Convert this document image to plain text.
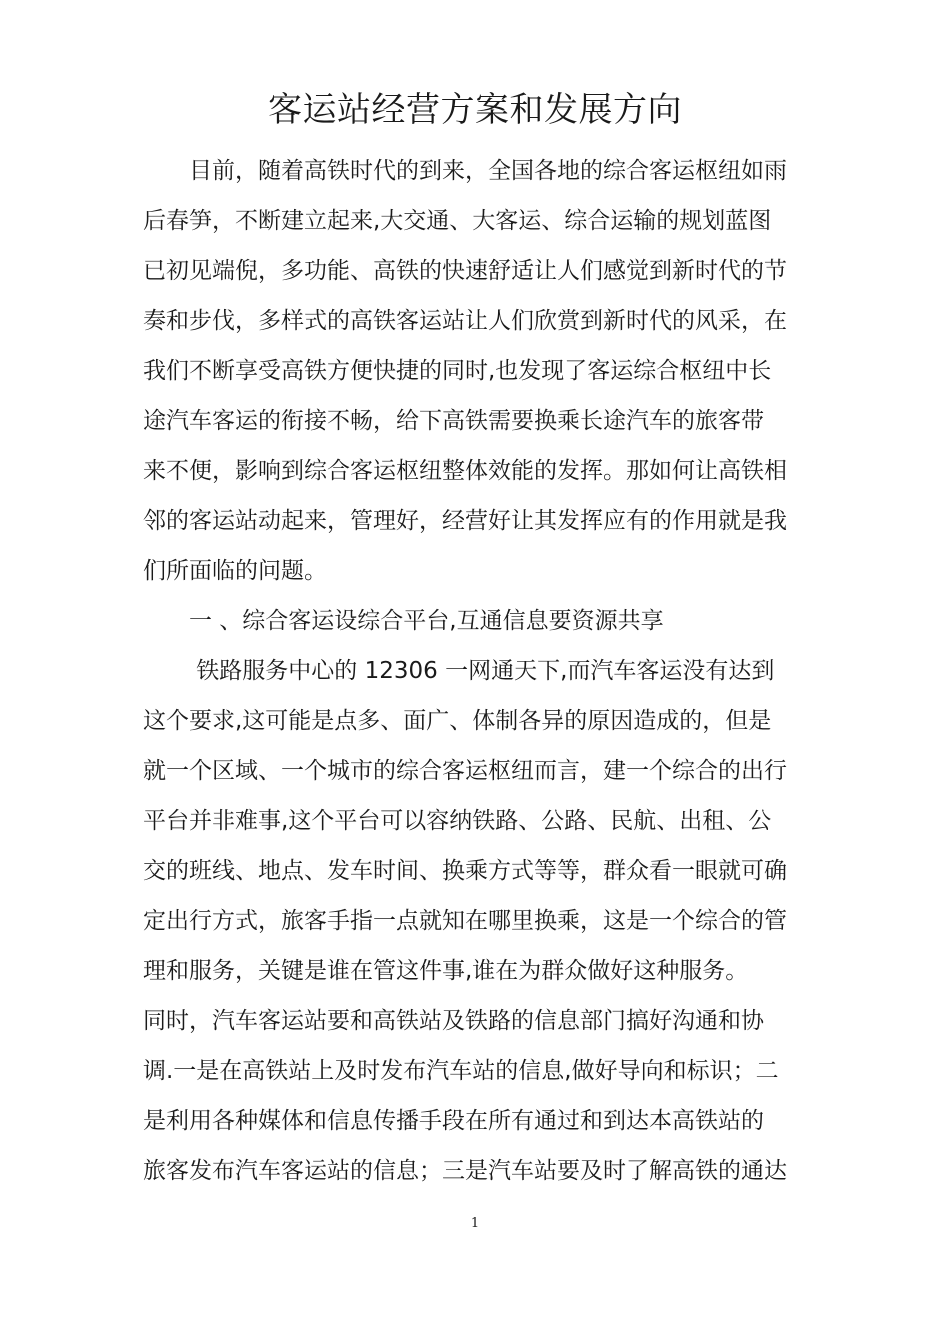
客运站经营方案和发展方向
　　目前，随着高铁时代的到来，全国各地的综合客运枢纽如雨
后春笋，不断建立起来,大交通、大客运、综合运输的规划蓝图
已初见端倪，多功能、高铁的快速舒适让人们感觉到新时代的节
奏和步伐，多样式的高铁客运站让人们欣赏到新时代的风采，在
我们不断享受高铁方便快捷的同时,也发现了客运综合枢纽中长
途汽车客运的衔接不畅，给下高铁需要换乘长途汽车的旅客带
来不便，影响到综合客运枢纽整体效能的发挥。那如何让高铁相
邻的客运站动起来，管理好，经营好让其发挥应有的作用就是我
们所面临的问题。
　　一 、综合客运设综合平台,互通信息要资源共享
　　 铁路服务中心的 12306 一网通天下,而汽车客运没有达到
这个要求,这可能是点多、面广、体制各异的原因造成的，但是
就一个区域、一个城市的综合客运枢纽而言，建一个综合的出行
平台并非难事,这个平台可以容纳铁路、公路、民航、出租、公
交的班线、地点、发车时间、换乘方式等等，群众看一眼就可确
定出行方式，旅客手指一点就知在哪里换乘，这是一个综合的管
理和服务，关键是谁在管这件事,谁在为群众做好这种服务。
同时，汽车客运站要和高铁站及铁路的信息部门搞好沟通和协
调.一是在高铁站上及时发布汽车站的信息,做好导向和标识；二
是利用各种媒体和信息传播手段在所有通过和到达本高铁站的
旅客发布汽车客运站的信息；三是汽车站要及时了解高铁的通达
1
